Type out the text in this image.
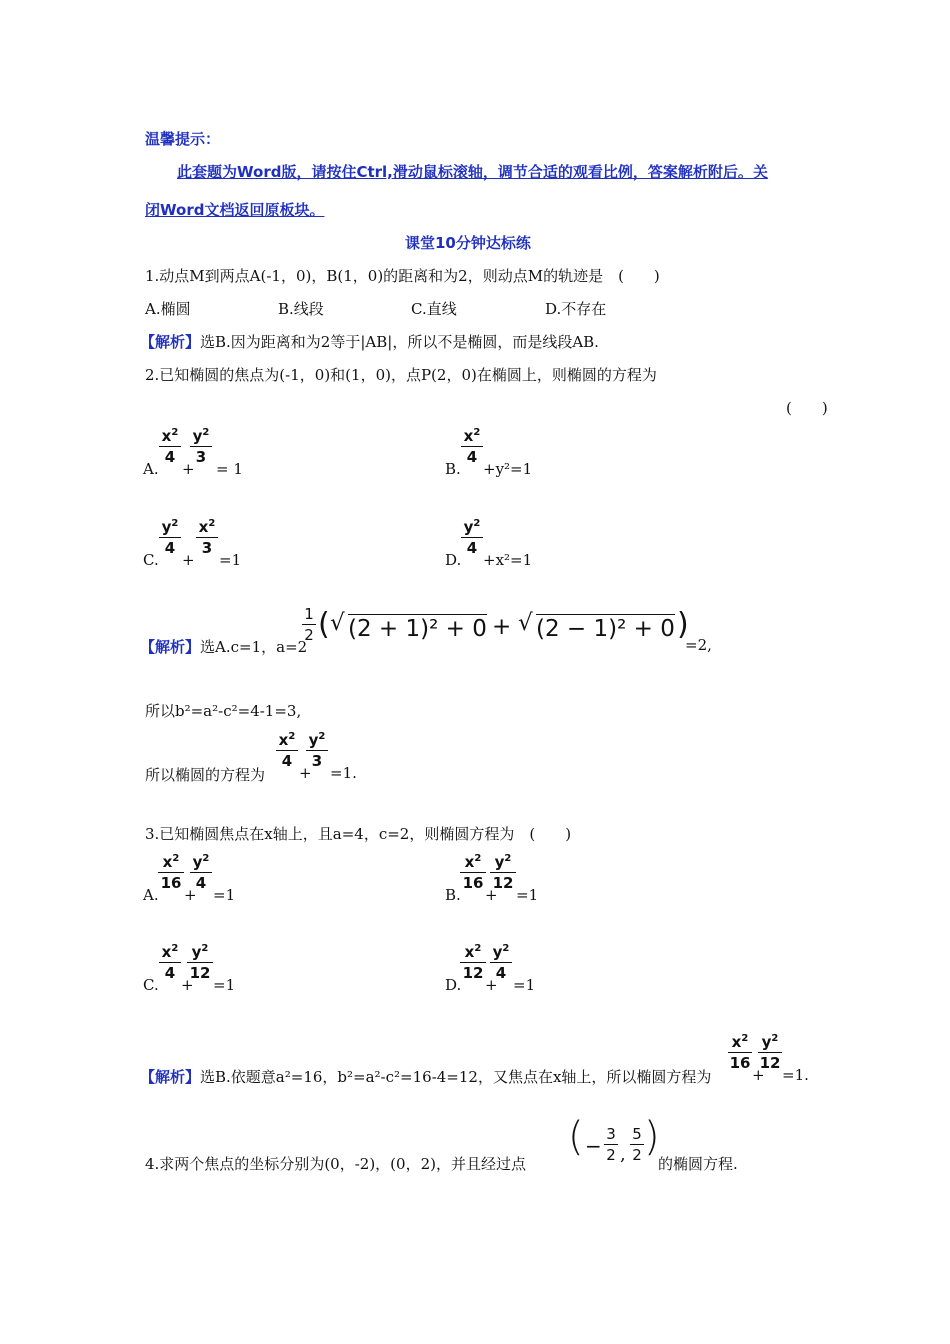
温馨提示：
此套题为Word版，请按住Ctrl,滑动鼠标滚轴，调节合适的观看比例，答案解析附后。关
闭Word文档返回原板块。
课堂10分钟达标练
1.动点M到两点A(-1，0)，B(1，0)的距离和为2，则动点M的轨迹是　(　　)
A.椭圆	B.线段	C.直线	D.不存在
【解析】选B.因为距离和为2等于|AB|，所以不是椭圆，而是线段AB.
2.已知椭圆的焦点为(-1，0)和(1，0)，点P(2，0)在椭圆上，则椭圆的方程为
(　　)
A.
$\frac{x^2}{4}$
+
$\frac{y^2}{3}$
= 1	B.
$\frac{x^2}{4}$
+y²=1
C.
$\frac{y^2}{4}$
+
$\frac{x^2}{3}$
=1	D.
$\frac{y^2}{4}$
+x²=1
【解析】选A.c=1，a=2
$\frac{1}{2}$ ( √ (2 + 1)² + 0 + √ (2 − 1)² + 0 )
=2,
所以b²=a²-c²=4-1=3,
所以椭圆的方程为
$\frac{x^2}{4}$
+
$\frac{y^2}{3}$
=1.
3.已知椭圆焦点在x轴上，且a=4，c=2，则椭圆方程为　(　　)
A.
$\frac{x^2}{16}$
+
$\frac{y^2}{4}$
=1	B.
$\frac{x^2}{16}$
+
$\frac{y^2}{12}$
=1
C.
$\frac{x^2}{4}$
+
$\frac{y^2}{12}$
=1	D.
$\frac{x^2}{12}$
+
$\frac{y^2}{4}$
=1
【解析】选B.依题意a²=16，b²=a²-c²=16-4=12，又焦点在x轴上，所以椭圆方程为
$\frac{x^2}{16}$
+
$\frac{y^2}{12}$
=1.
4.求两个焦点的坐标分别为(0，-2)，(0，2)，并且经过点
( − $\frac{3}{2}$ , $\frac{5}{2}$ )
的椭圆方程.
